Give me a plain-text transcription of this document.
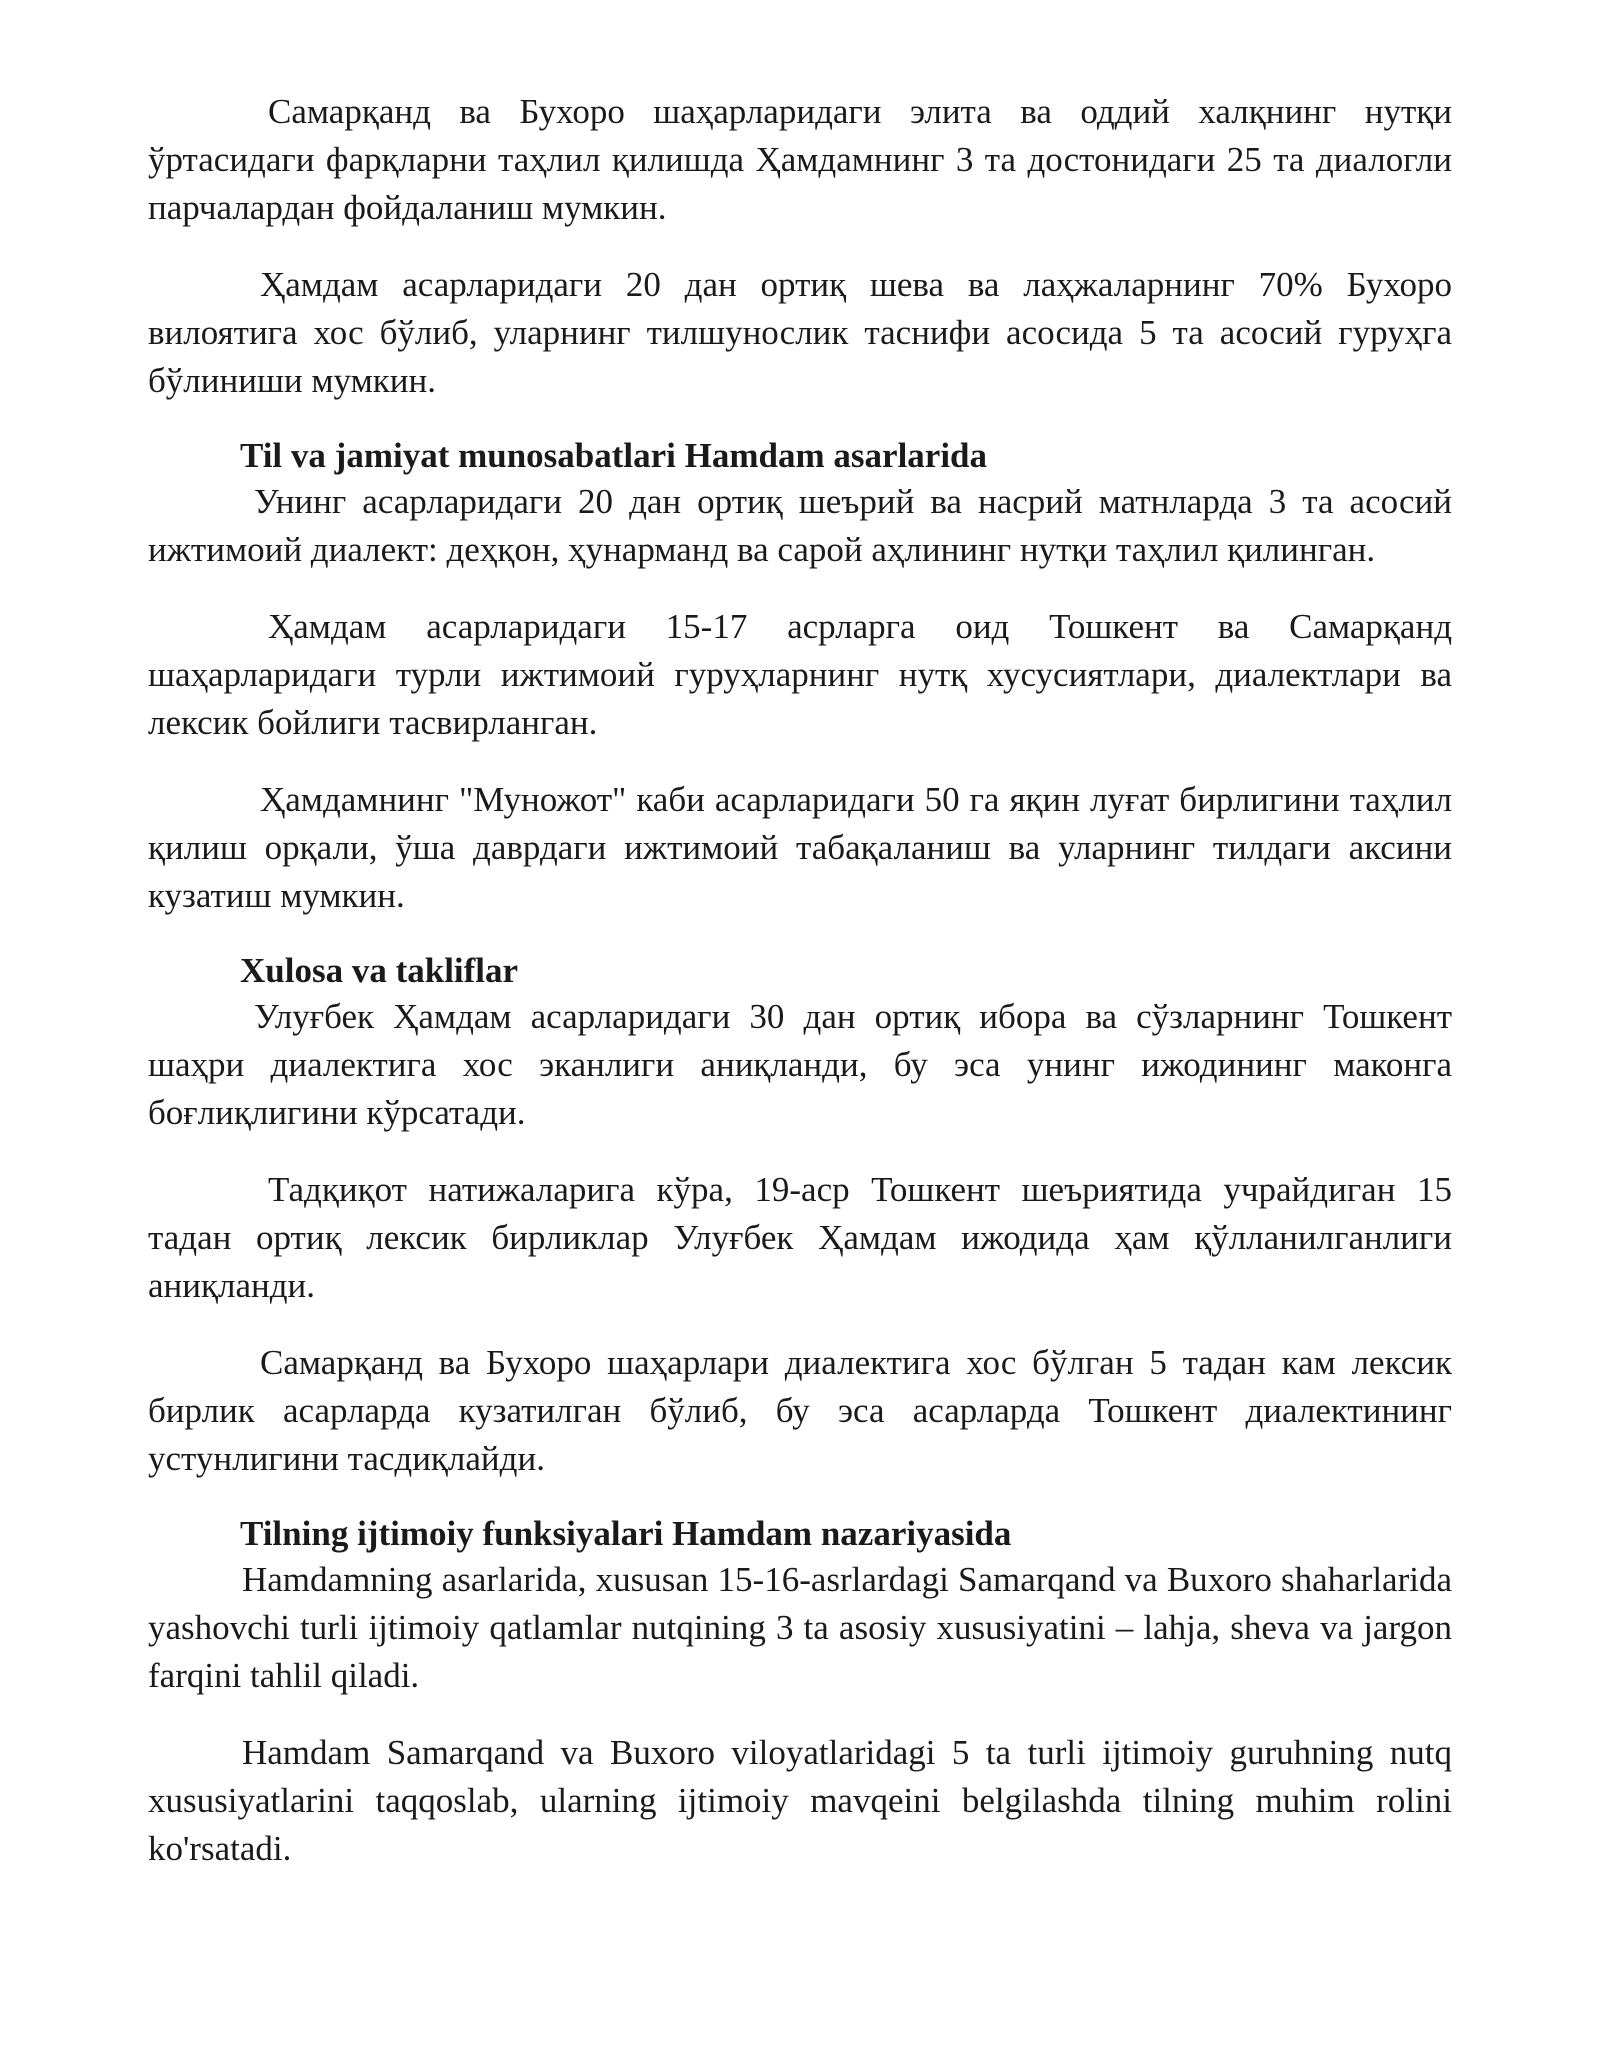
Самарқанд ва Бухоро шаҳарларидаги элита ва оддий халқнинг нутқи ўртасидаги фарқларни таҳлил қилишда Ҳамдамнинг 3 та достонидаги 25 та диалогли парчалардан фойдаланиш мумкин.

Ҳамдам асарларидаги 20 дан ортиқ шева ва лаҳжаларнинг 70% Бухоро вилоятига хос бўлиб, уларнинг тилшунослик таснифи асосида 5 та асосий гуруҳга бўлиниши мумкин.

Til va jamiyat munosabatlari Hamdam asarlarida

Унинг асарларидаги 20 дан ортиқ шеърий ва насрий матнларда 3 та асосий ижтимоий диалект: деҳқон, ҳунарманд ва сарой аҳлининг нутқи таҳлил қилинган.

Ҳамдам асарларидаги 15-17 асрларга оид Тошкент ва Самарқанд шаҳарларидаги турли ижтимоий гуруҳларнинг нутқ хусусиятлари, диалектлари ва лексик бойлиги тасвирланган.

Ҳамдамнинг "Муножот" каби асарларидаги 50 га яқин луғат бирлигини таҳлил қилиш орқали, ўша даврдаги ижтимоий табақаланиш ва уларнинг тилдаги аксини кузатиш мумкин.

Xulosa va takliflar

Улуғбек Ҳамдам асарларидаги 30 дан ортиқ ибора ва сўзларнинг Тошкент шаҳри диалектига хос эканлиги аниқланди, бу эса унинг ижодининг маконга боғлиқлигини кўрсатади.

Тадқиқот натижаларига кўра, 19-аср Тошкент шеъриятида учрайдиган 15 тадан ортиқ лексик бирликлар Улуғбек Ҳамдам ижодида ҳам қўлланилганлиги аниқланди.

Самарқанд ва Бухоро шаҳарлари диалектига хос бўлган 5 тадан кам лексик бирлик асарларда кузатилган бўлиб, бу эса асарларда Тошкент диалектининг устунлигини тасдиқлайди.

Tilning ijtimoiy funksiyalari Hamdam nazariyasida

Hamdamning asarlarida, xususan 15-16-asrlardagi Samarqand va Buxoro shaharlarida yashovchi turli ijtimoiy qatlamlar nutqining 3 ta asosiy xususiyatini – lahja, sheva va jargon farqini tahlil qiladi.

Hamdam Samarqand va Buxoro viloyatlaridagi 5 ta turli ijtimoiy guruhning nutq xususiyatlarini taqqoslab, ularning ijtimoiy mavqeini belgilashda tilning muhim rolini ko'rsatadi.
